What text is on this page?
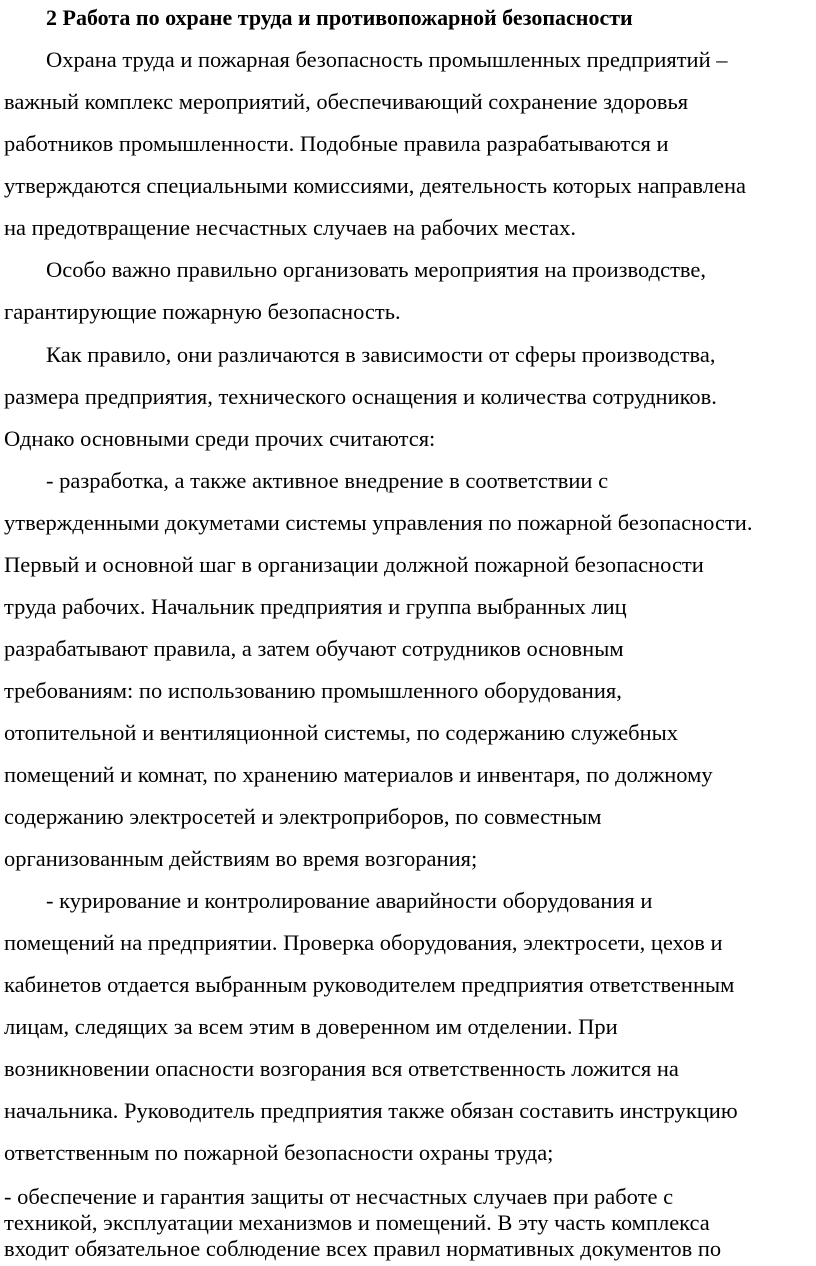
2 Работа по охране труда и противопожарной безопасности
Охрана труда и пожарная безопасность промышленных предприятий –
важный комплекс мероприятий, обеспечивающий сохранение здоровья
работников промышленности. Подобные правила разрабатываются и
утверждаются специальными комиссиями, деятельность которых направлена
на предотвращение несчастных случаев на рабочих местах.
Особо важно правильно организовать мероприятия на производстве,
гарантирующие пожарную безопасность.
Как правило, они различаются в зависимости от сферы производства,
размера предприятия, технического оснащения и количества сотрудников.
Однако основными среди прочих считаются:
- разработка, а также активное внедрение в соответствии с
утвержденными докуметами системы управления по пожарной безопасности.
Первый и основной шаг в организации должной пожарной безопасности
труда рабочих. Начальник предприятия и группа выбранных лиц
разрабатывают правила, а затем обучают сотрудников основным
требованиям: по использованию промышленного оборудования,
отопительной и вентиляционной системы, по содержанию служебных
помещений и комнат, по хранению материалов и инвентаря, по должному
содержанию электросетей и электроприборов, по совместным
организованным действиям во время возгорания;
- курирование и контролирование аварийности оборудования и
помещений на предприятии. Проверка оборудования, электросети, цехов и
кабинетов отдается выбранным руководителем предприятия ответственным
лицам, следящих за всем этим в доверенном им отделении. При
возникновении опасности возгорания вся ответственность ложится на
начальника. Руководитель предприятия также обязан составить инструкцию
ответственным по пожарной безопасности охраны труда;
- обеспечение и гарантия защиты от несчастных случаев при работе с
техникой, эксплуатации механизмов и помещений. В эту часть комплекса
входит обязательное соблюдение всех правил нормативных документов по
